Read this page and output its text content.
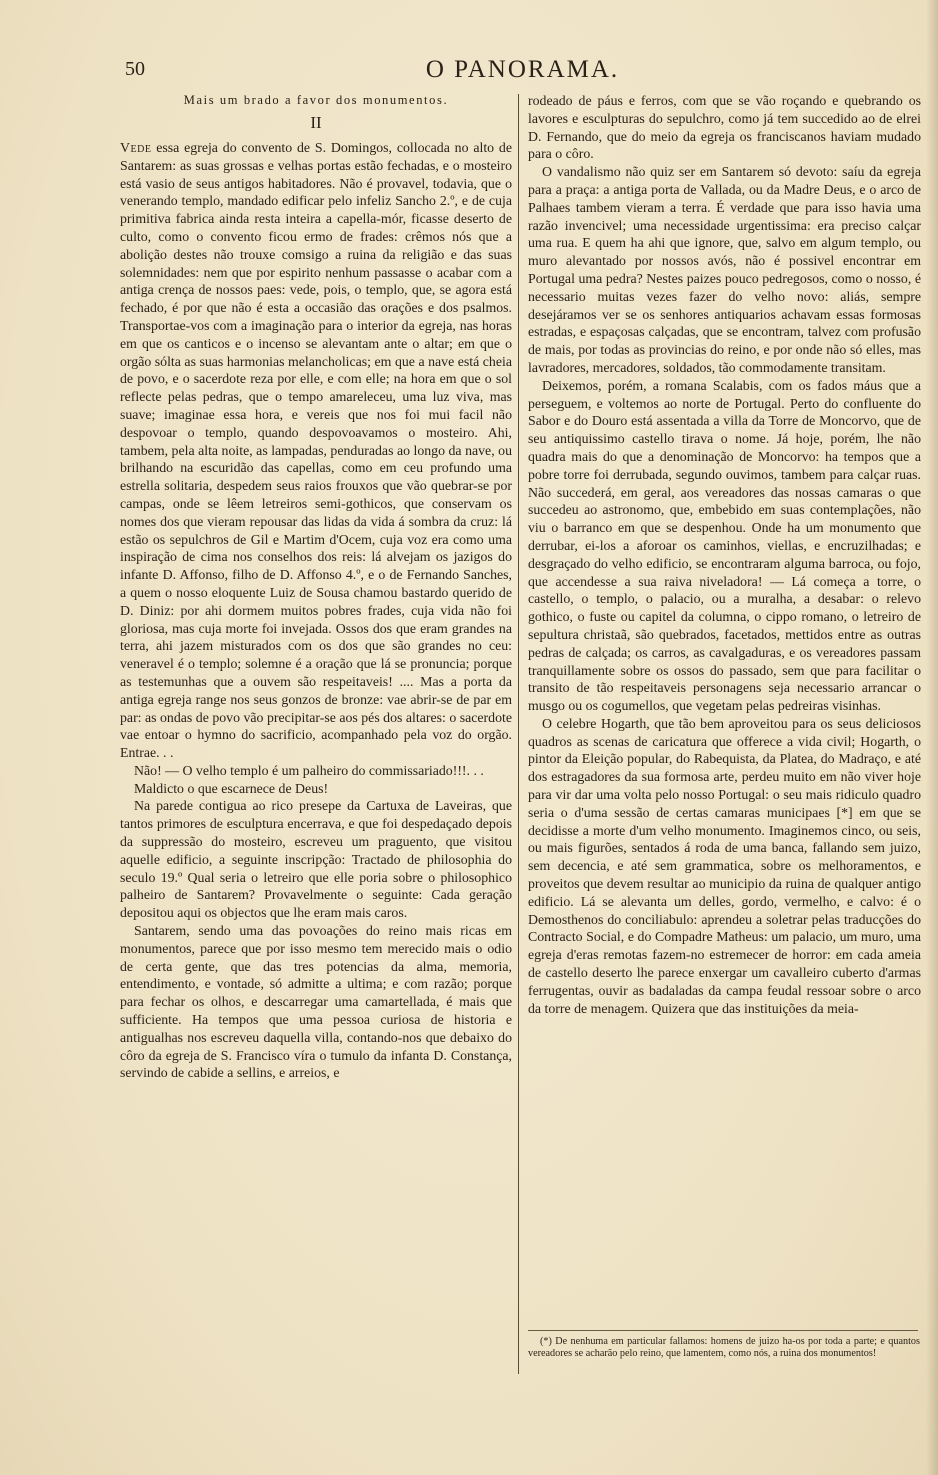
50	O PANORAMA.
Mais um brado a favor dos monumentos.
II

Vede essa egreja do convento de S. Domingos, collocada no alto de Santarem: as suas grossas e velhas portas estão fechadas, e o mosteiro está vasio de seus antigos habitadores. Não é provavel, todavia, que o venerando templo, mandado edificar pelo infeliz Sancho 2.º, e de cuja primitiva fabrica ainda resta inteira a capella-mór, ficasse deserto de culto, como o convento ficou ermo de frades: crêmos nós que a abolição destes não trouxe comsigo a ruina da religião e das suas solemnidades: nem que por espirito nenhum passasse o acabar com a antiga crença de nossos paes: vede, pois, o templo, que, se agora está fechado, é por que não é esta a occasião das orações e dos psalmos. Transportae-vos com a imaginação para o interior da egreja, nas horas em que os canticos e o incenso se alevantam ante o altar; em que o orgão sólta as suas harmonias melancholicas; em que a nave está cheia de povo, e o sacerdote reza por elle, e com elle; na hora em que o sol reflecte pelas pedras, que o tempo amareleceu, uma luz viva, mas suave; imaginae essa hora, e vereis que nos foi mui facil não despovoar o templo, quando despovoavamos o mosteiro. Ahi, tambem, pela alta noite, as lampadas, penduradas ao longo da nave, ou brilhando na escuridão das capellas, como em ceu profundo uma estrella solitaria, despedem seus raios frouxos que vão quebrar-se por campas, onde se lêem letreiros semi-gothicos, que conservam os nomes dos que vieram repousar das lidas da vida á sombra da cruz: lá estão os sepulchros de Gil e Martim d'Ocem, cuja voz era como uma inspiração de cima nos conselhos dos reis: lá alvejam os jazigos do infante D. Affonso, filho de D. Affonso 4.º, e o de Fernando Sanches, a quem o nosso eloquente Luiz de Sousa chamou bastardo querido de D. Diniz: por ahi dormem muitos pobres frades, cuja vida não foi gloriosa, mas cuja morte foi invejada. Ossos dos que eram grandes na terra, ahi jazem misturados com os dos que são grandes no ceu: veneravel é o templo; solemne é a oração que lá se pronuncia; porque as testemunhas que a ouvem são respeitaveis! .... Mas a porta da antiga egreja range nos seus gonzos de bronze: vae abrir-se de par em par: as ondas de povo vão precipitar-se aos pés dos altares: o sacerdote vae entoar o hymno do sacrificio, acompanhado pela voz do orgão. Entrae. . .

Não! — O velho templo é um palheiro do commissariado!!!. . .

Maldicto o que escarnece de Deus!

Na parede contigua ao rico presepe da Cartuxa de Laveiras, que tantos primores de esculptura encerrava, e que foi despedaçado depois da suppressão do mosteiro, escreveu um praguento, que visitou aquelle edificio, a seguinte inscripção: Tractado de philosophia do seculo 19.º Qual seria o letreiro que elle poria sobre o philosophico palheiro de Santarem? Provavelmente o seguinte: Cada geração depositou aqui os objectos que lhe eram mais caros.

Santarem, sendo uma das povoações do reino mais ricas em monumentos, parece que por isso mesmo tem merecido mais o odio de certa gente, que das tres potencias da alma, memoria, entendimento, e vontade, só admitte a ultima; e com razão; porque para fechar os olhos, e descarregar uma camartellada, é mais que sufficiente. Ha tempos que uma pessoa curiosa de historia e antigualhas nos escreveu daquella villa, contando-nos que debaixo do côro da egreja de S. Francisco víra o tumulo da infanta D. Constança, servindo de cabide a sellins, e arreios, e

rodeado de páus e ferros, com que se vão roçando e quebrando os lavores e esculpturas do sepulchro, como já tem succedido ao de elrei D. Fernando, que do meio da egreja os franciscanos haviam mudado para o côro.

O vandalismo não quiz ser em Santarem só devoto: saíu da egreja para a praça: a antiga porta de Vallada, ou da Madre Deus, e o arco de Palhaes tambem vieram a terra. É verdade que para isso havia uma razão invencivel; uma necessidade urgentissima: era preciso calçar uma rua. E quem ha ahi que ignore, que, salvo em algum templo, ou muro alevantado por nossos avós, não é possivel encontrar em Portugal uma pedra? Nestes paizes pouco pedregosos, como o nosso, é necessario muitas vezes fazer do velho novo: aliás, sempre desejáramos ver se os senhores antiquarios achavam essas formosas estradas, e espaçosas calçadas, que se encontram, talvez com profusão de mais, por todas as provincias do reino, e por onde não só elles, mas lavradores, mercadores, soldados, tão commodamente transitam.

Deixemos, porém, a romana Scalabis, com os fados máus que a perseguem, e voltemos ao norte de Portugal. Perto do confluente do Sabor e do Douro está assentada a villa da Torre de Moncorvo, que de seu antiquissimo castello tirava o nome. Já hoje, porém, lhe não quadra mais do que a denominação de Moncorvo: ha tempos que a pobre torre foi derrubada, segundo ouvimos, tambem para calçar ruas. Não succederá, em geral, aos vereadores das nossas camaras o que succedeu ao astronomo, que, embebido em suas contemplações, não viu o barranco em que se despenhou. Onde ha um monumento que derrubar, ei-los a aforoar os caminhos, viellas, e encruzilhadas; e desgraçado do velho edificio, se encontraram alguma barroca, ou fojo, que accendesse a sua raiva niveladora! — Lá começa a torre, o castello, o templo, o palacio, ou a muralha, a desabar: o relevo gothico, o fuste ou capitel da columna, o cippo romano, o letreiro de sepultura christaã, são quebrados, facetados, mettidos entre as outras pedras de calçada; os carros, as cavalgaduras, e os vereadores passam tranquillamente sobre os ossos do passado, sem que para facilitar o transito de tão respeitaveis personagens seja necessario arrancar o musgo ou os cogumellos, que vegetam pelas pedreiras visinhas.

O celebre Hogarth, que tão bem aproveitou para os seus deliciosos quadros as scenas de caricatura que offerece a vida civil; Hogarth, o pintor da Eleição popular, do Rabequista, da Platea, do Madraço, e até dos estragadores da sua formosa arte, perdeu muito em não viver hoje para vir dar uma volta pelo nosso Portugal: o seu mais ridiculo quadro seria o d'uma sessão de certas camaras municipaes [*] em que se decidisse a morte d'um velho monumento. Imaginemos cinco, ou seis, ou mais figurões, sentados á roda de uma banca, fallando sem juizo, sem decencia, e até sem grammatica, sobre os melhoramentos, e proveitos que devem resultar ao municipio da ruina de qualquer antigo edificio. Lá se alevanta um delles, gordo, vermelho, e calvo: é o Demosthenos do conciliabulo: aprendeu a soletrar pelas traducções do Contracto Social, e do Compadre Matheus: um palacio, um muro, uma egreja d'eras remotas fazem-no estremecer de horror: em cada ameia de castello deserto lhe parece enxergar um cavalleiro cuberto d'armas ferrugentas, ouvir as badaladas da campa feudal ressoar sobre o arco da torre de menagem. Quizera que das instituições da meia-

(*) De nenhuma em particular fallamos: homens de juizo ha-os por toda a parte; e quantos vereadores se acharão pelo reino, que lamentem, como nós, a ruina dos monumentos!
